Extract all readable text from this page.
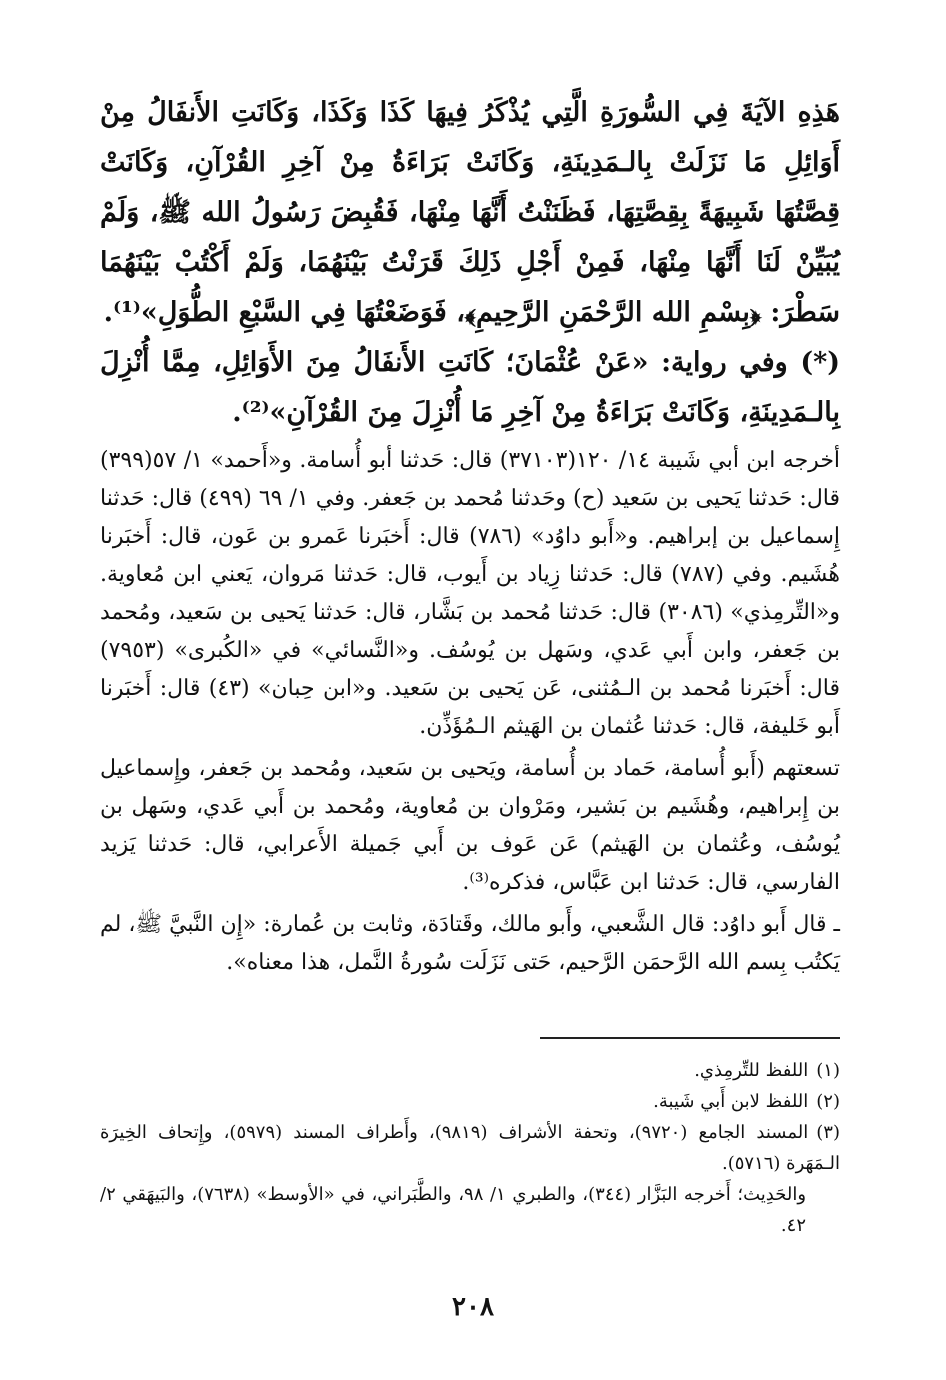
هَذِهِ الآيَةَ فِي السُّورَةِ الَّتِي يُذْكَرُ فِيهَا كَذَا وَكَذَا، وَكَانَتِ الأَنفَالُ مِنْ أَوَائِلِ مَا نَزَلَتْ بِالـمَدِينَةِ، وَكَانَتْ بَرَاءَةُ مِنْ آخِرِ القُرْآنِ، وَكَانَتْ قِصَّتُهَا شَبِيهَةً بِقِصَّتِهَا، فَظَنَنْتُ أَنَّهَا مِنْهَا، فَقُبِضَ رَسُولُ الله ﷺ، وَلَمْ يُبَيِّنْ لَنَا أَنَّهَا مِنْهَا، فَمِنْ أَجْلِ ذَلِكَ قَرَنْتُ بَيْنَهُمَا، وَلَمْ أَكْتُبْ بَيْنَهُمَا سَطْرَ: ﴿بِسْمِ الله الرَّحْمَنِ الرَّحِيمِ﴾، فَوَضَعْتُهَا فِي السَّبْعِ الطُّوَلِ»⁽¹⁾.

(*) وفي رواية: «عَنْ عُثْمَانَ؛ كَانَتِ الأَنفَالُ مِنَ الأَوَائِلِ، مِمَّا أُنْزِلَ بِالـمَدِينَةِ، وَكَانَتْ بَرَاءَةُ مِنْ آخِرِ مَا أُنْزِلَ مِنَ القُرْآنِ»⁽²⁾.

أخرجه ابن أبي شَيبة ١٤/ ١٢٠(٣٧١٠٣) قال: حَدثنا أبو أُسامة. و«أَحمد» ١/ ٥٧(٣٩٩) قال: حَدثنا يَحيى بن سَعيد (ح) وحَدثنا مُحمد بن جَعفر. وفي ١/ ٦٩ (٤٩٩) قال: حَدثنا إِسماعيل بن إبراهيم. و«أَبو داوُد» (٧٨٦) قال: أَخبَرنا عَمرو بن عَون، قال: أَخبَرنا هُشَيم. وفي (٧٨٧) قال: حَدثنا زِياد بن أَيوب، قال: حَدثنا مَروان، يَعني ابن مُعاوية. و«التِّرمِذي» (٣٠٨٦) قال: حَدثنا مُحمد بن بَشَّار، قال: حَدثنا يَحيى بن سَعيد، ومُحمد بن جَعفر، وابن أَبي عَدي، وسَهل بن يُوسُف. و«النَّسائي» في «الكُبرى» (٧٩٥٣) قال: أَخبَرنا مُحمد بن الـمُثنى، عَن يَحيى بن سَعيد. و«ابن حِبان» (٤٣) قال: أَخبَرنا أَبو خَليفة، قال: حَدثنا عُثمان بن الهَيثم الـمُؤَذِّن.

تسعتهم (أَبو أُسامة، حَماد بن أُسامة، ويَحيى بن سَعيد، ومُحمد بن جَعفر، وإِسماعيل بن إِبراهيم، وهُشَيم بن بَشير، ومَرْوان بن مُعاوية، ومُحمد بن أَبي عَدي، وسَهل بن يُوسُف، وعُثمان بن الهَيثم) عَن عَوف بن أَبي جَميلة الأَعرابي، قال: حَدثنا يَزيد الفارسي، قال: حَدثنا ابن عَبَّاس، فذكره⁽³⁾.

ـ قال أَبو داوُد: قال الشَّعبي، وأَبو مالك، وقَتادَة، وثابت بن عُمارة: «إِن النَّبيَّ ﷺ، لم يَكتُب بِسم الله الرَّحمَن الرَّحيم، حَتى نَزَلَت سُورةُ النَّمل، هذا معناه».

(١)اللفظ للتِّرمِذي.

(٢)اللفظ لابن أَبي شَيبة.

(٣)المسند الجامع (٩٧٢٠)، وتحفة الأشراف (٩٨١٩)، وأَطراف المسند (٥٩٧٩)، وإِتحاف الخِيرَة الـمَهَرة (٥٧١٦).

والحَدِيث؛ أَخرجه البَزَّار (٣٤٤)، والطبري ١/ ٩٨، والطَّبَراني، في «الأوسط» (٧٦٣٨)، والبَيهَقي ٢/ ٤٢.

٢٠٨
